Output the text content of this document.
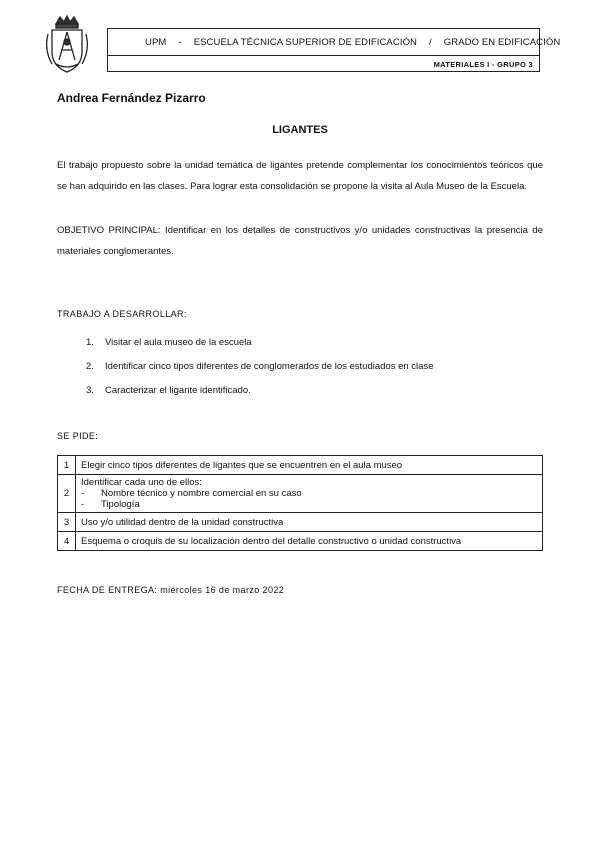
UPM - ESCUELA TÉCNICA SUPERIOR DE EDIFICACIÓN / GRADO EN EDIFICACIÓN
MATERIALES I - GRUPO 3
Andrea Fernández Pizarro
LIGANTES
El trabajo propuesto sobre la unidad temática de ligantes pretende complementar los conocimientos teóricos que se han adquirido en las clases. Para lograr esta consolidación se propone la visita al Aula Museo de la Escuela.
OBJETIVO PRINCIPAL: Identificar en los detalles de constructivos y/o unidades constructivas la presencia de materiales conglomerantes.
TRABAJO A DESARROLLAR:
1.	Visitar el aula museo de la escuela
2.	Identificar cinco tipos diferentes de conglomerados de los estudiados en clase
3.	Caracterizar el ligante identificado.
SE PIDE:
1	Elegir cinco tipos diferentes de ligantes que se encuentren en el aula museo
2	Identificar cada uno de ellos:
- Nombre técnico y nombre comercial en su caso
- Tipología

3	Uso y/o utilidad dentro de la unidad constructiva
4	Esquema o croquis de su localización dentro del detalle constructivo o unidad constructiva
FECHA DE ENTREGA: miércoles 16 de marzo 2022
